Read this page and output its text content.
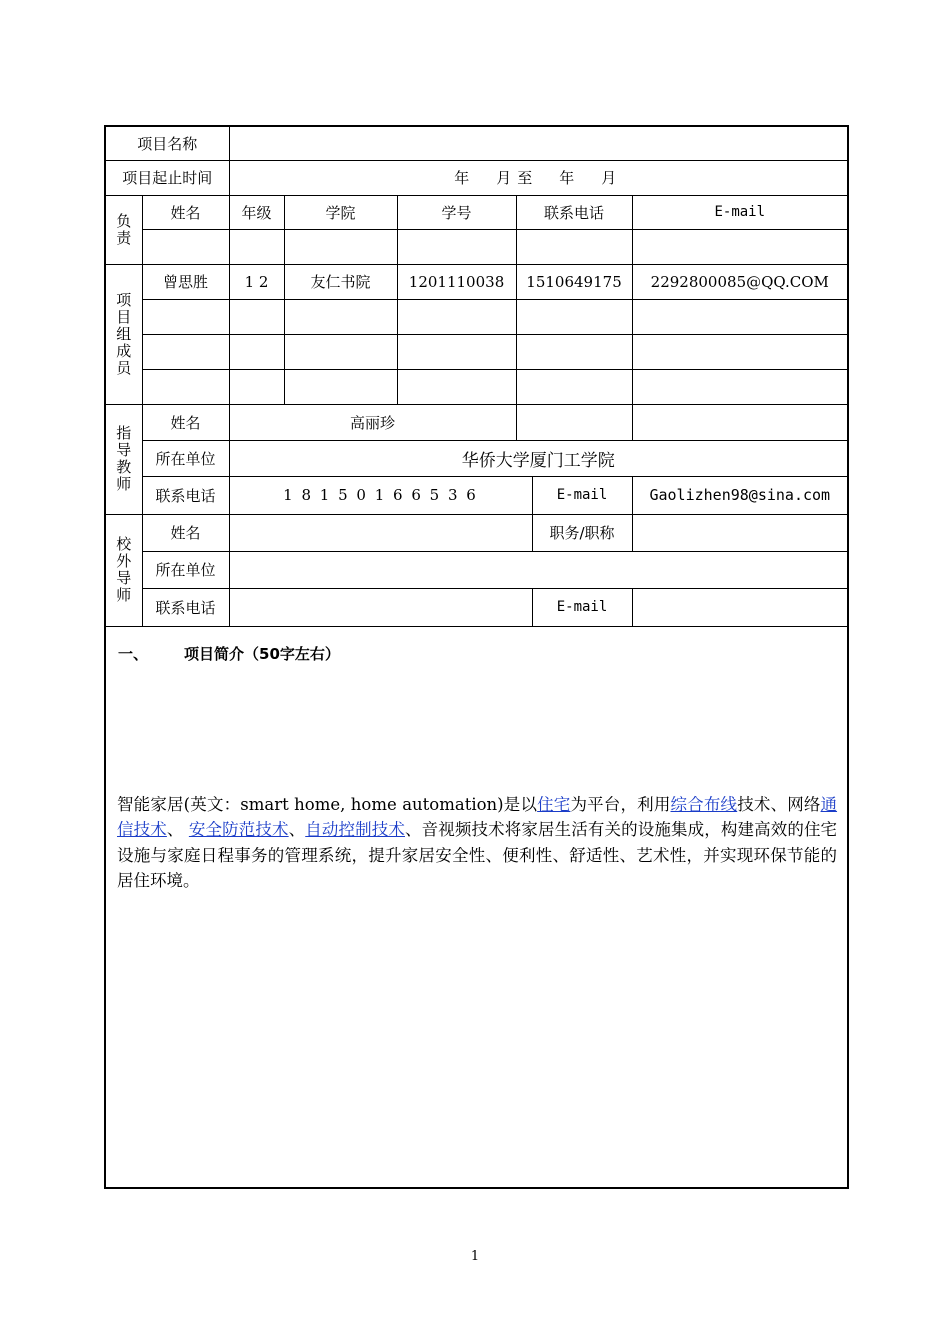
项目名称							
项目起止时间		年　月至　年　月					

负责	姓名	年级	学院	学号	联系电话		E-mail

项目组成员	曾思胜	1 2	友仁书院	1201110038	1510649175		2292800085@QQ.COM

指导教师	姓名	高丽珍					
	所在单位	华侨大学厦门工学院					
	联系电话	1 8 1 5 0 1 6 6 5 3 6				E-mail	Gaolizhen98@sina.com

校外导师	姓名					职务/职称	
	所在单位						
	联系电话					E-mail	

一、 项目简介（50字左右）
智能家居(英文：smart home, home automation)是以住宅为平台，利用综合布线技术、网络通信技术、 安全防范技术、自动控制技术、音视频技术将家居生活有关的设施集成，构建高效的住宅设施与家庭日程事务的管理系统，提升家居安全性、便利性、舒适性、艺术性，并实现环保节能的居住环境。							
1
